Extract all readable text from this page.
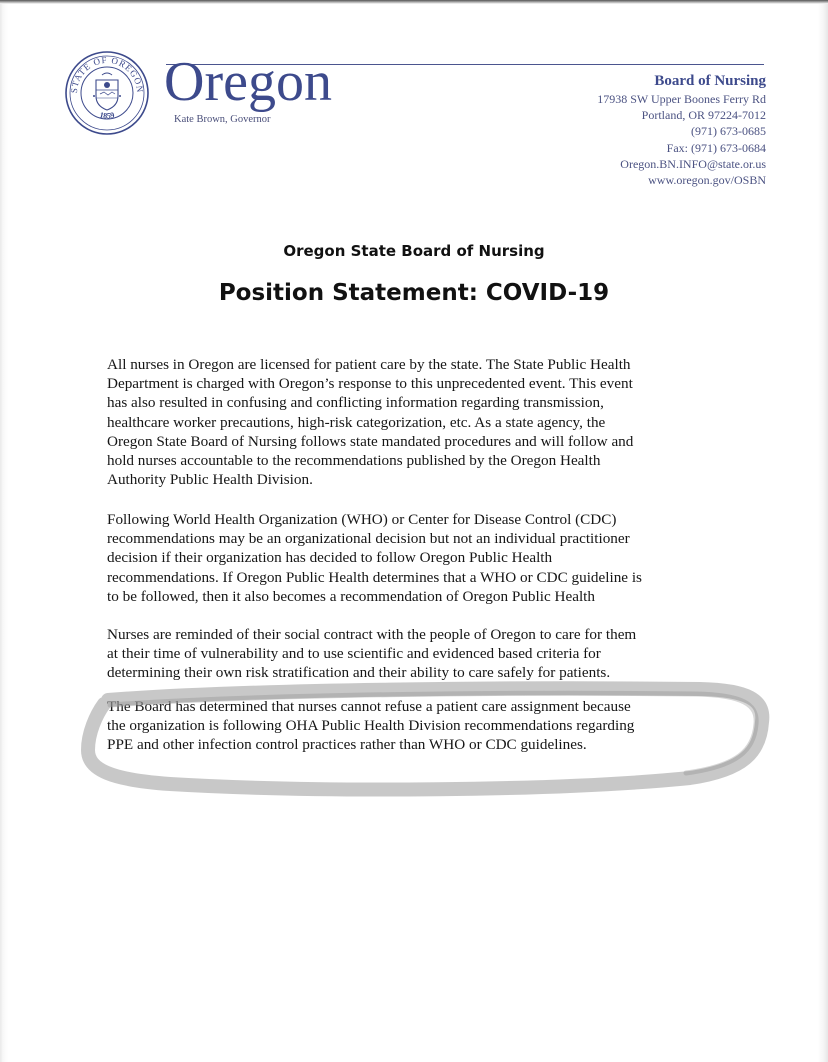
STATE OF OREGON
1859
Oregon
Kate Brown, Governor
Board of Nursing
17938 SW Upper Boones Ferry Rd
Portland, OR 97224-7012
(971) 673-0685
Fax: (971) 673-0684
Oregon.BN.INFO@state.or.us
www.oregon.gov/OSBN
Oregon State Board of Nursing
Position Statement: COVID-19

All nurses in Oregon are licensed for patient care by the state. The State Public Health
Department is charged with Oregon’s response to this unprecedented event. This event
has also resulted in confusing and conflicting information regarding transmission,
healthcare worker precautions, high-risk categorization, etc. As a state agency, the
Oregon State Board of Nursing follows state mandated procedures and will follow and
hold nurses accountable to the recommendations published by the Oregon Health
Authority Public Health Division.

Following World Health Organization (WHO) or Center for Disease Control (CDC)
recommendations may be an organizational decision but not an individual practitioner
decision if their organization has decided to follow Oregon Public Health
recommendations. If Oregon Public Health determines that a WHO or CDC guideline is
to be followed, then it also becomes a recommendation of Oregon Public Health

Nurses are reminded of their social contract with the people of Oregon to care for them
at their time of vulnerability and to use scientific and evidenced based criteria for
determining their own risk stratification and their ability to care safely for patients.

The Board has determined that nurses cannot refuse a patient care assignment because
the organization is following OHA Public Health Division recommendations regarding
PPE and other infection control practices rather than WHO or CDC guidelines.
